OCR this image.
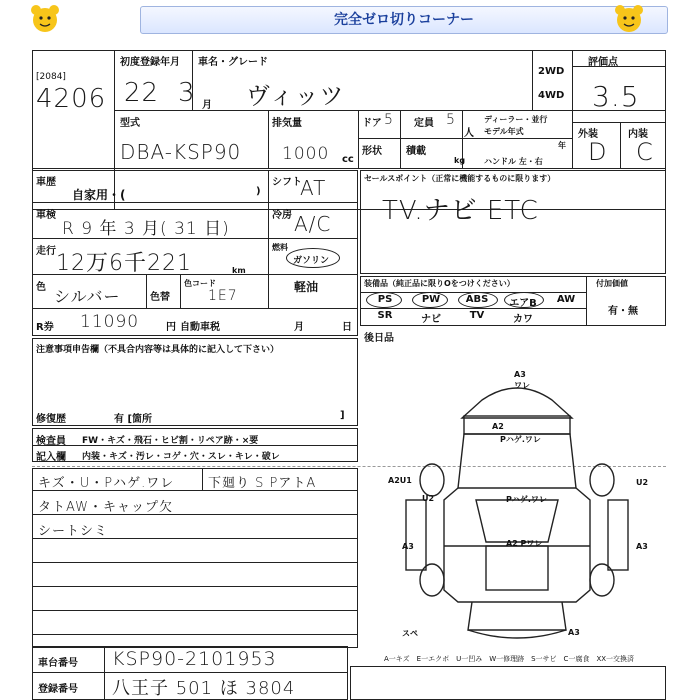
完全ゼロ切りコーナー
[2084]
4206
初度登録年月 車名・グレード
22 3 月 ヴィッツ
2WD
4WD
評価点
3.5
外装	内装
D C
型式
DBA-KSP90
排気量
1000 cc
ドア 5 定員 5
人
ディーラー・並行
モデル年式
形状 積載
kg ハンドル 左・右
年
車歴
自家用・(	)
シフト
AT
車検
R 9 年 3 月( 31 日)
冷房 A/C
走行 12万6千221	km
燃料
ガソリン
軽油
色 シルバー	色替
色コード
1E7
R券 11090	円 自動車税	月	日
セールスポイント（正常に機能するものに限ります）
TV.ナビ ETC
装備品（純正品に限りOをつけください）	付加価値
有・無
PS	PW	ABS	エアB	AW
SR	ナビ	TV	カワ
後日品
注意事項申告欄（不具合内容等は具体的に記入して下さい）
修復歴	有 [箇所	]
検査員 FW・キズ・飛石・ヒビ割・リペア跡・×要
記入欄 内装・キズ・汚レ・コゲ・穴・スレ・キレ・破レ
キズ・U・Pハゲ.ワレ
タトAW・キャップ欠
シートシミ
下廻り S PアトA
A3
ワレ
A2
Pハゲ.ワレ
A2U1
U2
U2
Pハゲ.ワレ
A3	A2 Pワレ	A3
A3
スペ
A一キズ　E一エクボ　U一凹み　W一修理跡　S一サビ　C一腐食　XX一交換済
車台番号 KSP90-2101953
登録番号 八王子 501 ほ 3804
